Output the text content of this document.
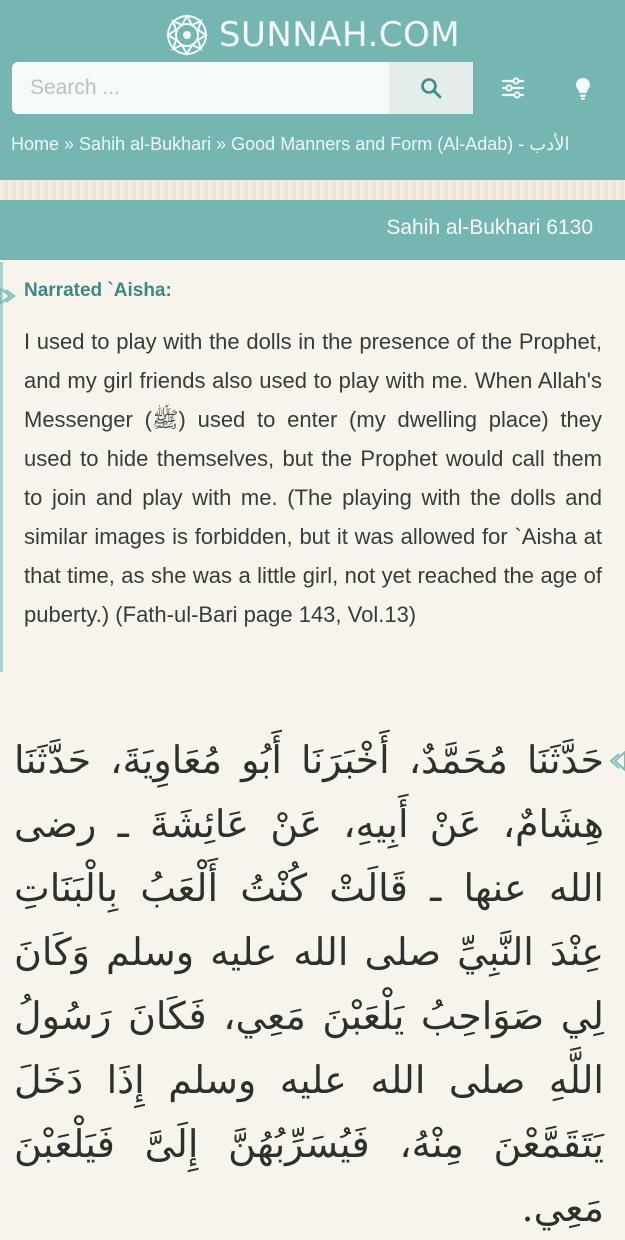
SUNNAH.COM
Search ...
Home » Sahih al-Bukhari » Good Manners and Form (Al-Adab) - الأدب
Sahih al-Bukhari 6130
Narrated `Aisha:
I used to play with the dolls in the presence of the Prophet, and my girl friends also used to play with me. When Allah's Messenger (ﷺ) used to enter (my dwelling place) they used to hide themselves, but the Prophet would call them to join and play with me. (The playing with the dolls and similar images is forbidden, but it was allowed for `Aisha at that time, as she was a little girl, not yet reached the age of puberty.) (Fath-ul-Bari page 143, Vol.13)
حَدَّثَنَا مُحَمَّدٌ، أَخْبَرَنَا أَبُو مُعَاوِيَةَ، حَدَّثَنَا هِشَامٌ، عَنْ أَبِيهِ، عَنْ عَائِشَةَ ـ رضى الله عنها ـ قَالَتْ كُنْتُ أَلْعَبُ بِالْبَنَاتِ عِنْدَ النَّبِيِّ صلى الله عليه وسلم وَكَانَ لِي صَوَاحِبُ يَلْعَبْنَ مَعِي، فَكَانَ رَسُولُ اللَّهِ صلى الله عليه وسلم إِذَا دَخَلَ يَتَقَمَّعْنَ مِنْهُ، فَيُسَرِّبُهُنَّ إِلَىَّ فَيَلْعَبْنَ مَعِي.
